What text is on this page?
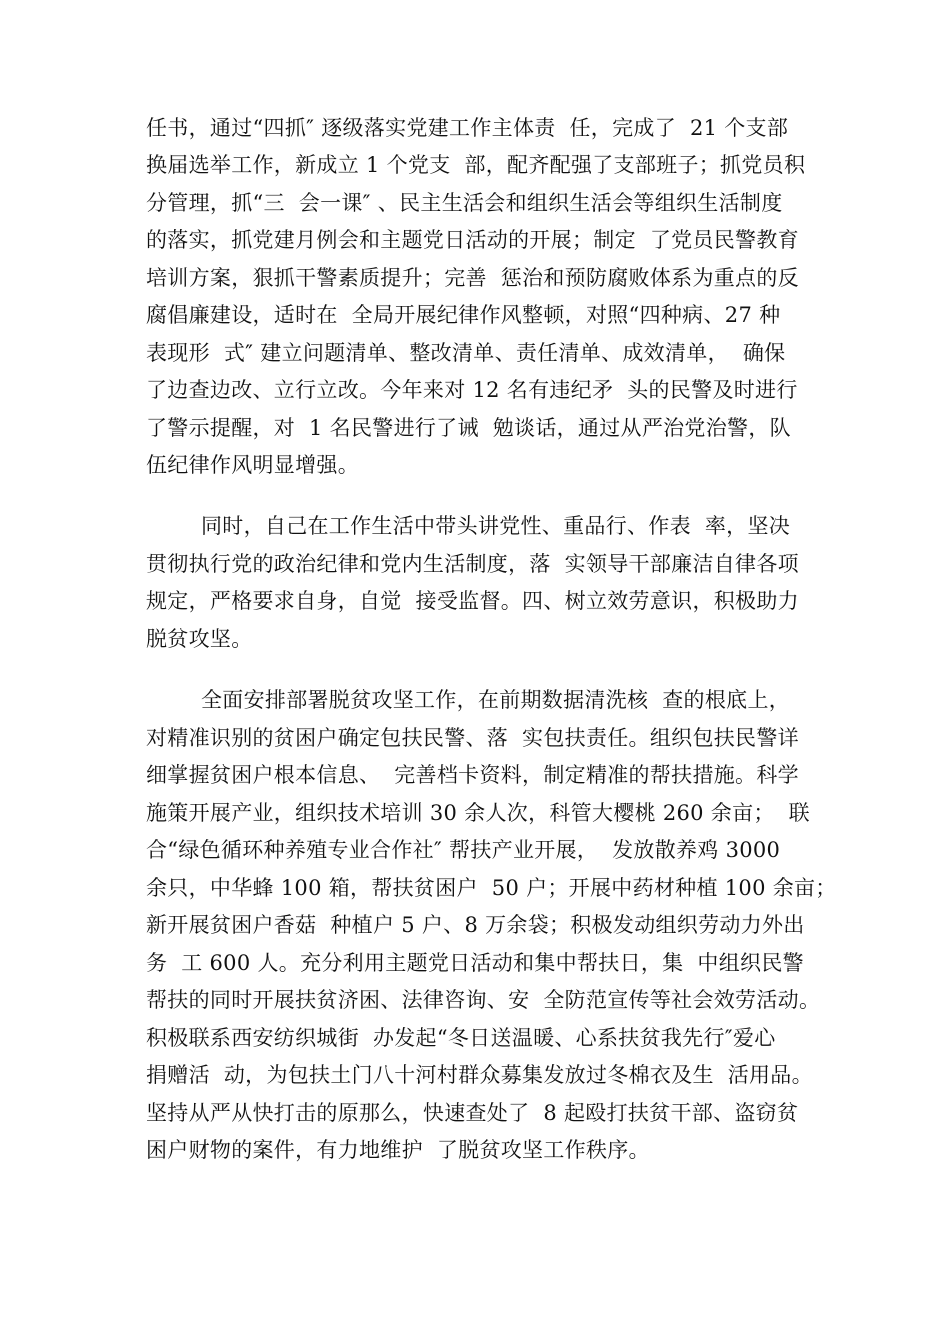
任书，通过“四抓″ 逐级落实党建工作主体责  任，完成了  21 个支部
换届选举工作，新成立 1 个党支  部，配齐配强了支部班子；抓党员积
分管理，抓“三  会一课″ 、民主生活会和组织生活会等组织生活制度
的落实，抓党建月例会和主题党日活动的开展；制定  了党员民警教育
培训方案，狠抓干警素质提升；完善  惩治和预防腐败体系为重点的反
腐倡廉建设，适时在  全局开展纪律作风整顿，对照“四种病、27 种
表现形  式″ 建立问题清单、整改清单、责任清单、成效清单，  确保
了边查边改、立行立改。今年来对 12 名有违纪矛  头的民警及时进行
了警示提醒，对  1 名民警进行了诫  勉谈话，通过从严治党治警，队
伍纪律作风明显增强。
同时，自己在工作生活中带头讲党性、重品行、作表  率，坚决
贯彻执行党的政治纪律和党内生活制度，落  实领导干部廉洁自律各项
规定，严格要求自身，自觉  接受监督。四、树立效劳意识，积极助力
脱贫攻坚。
全面安排部署脱贫攻坚工作，在前期数据清洗核  查的根底上，
对精准识别的贫困户确定包扶民警、落  实包扶责任。组织包扶民警详
细掌握贫困户根本信息、  完善档卡资料，制定精准的帮扶措施。科学
施策开展产业，组织技术培训 30 余人次，科管大樱桃 260 余亩；  联
合“绿色循环种养殖专业合作社″ 帮扶产业开展，  发放散养鸡 3000
余只，中华蜂 100 箱，帮扶贫困户  50 户；开展中药材种植 100 余亩；
新开展贫困户香菇  种植户 5 户、8 万余袋；积极发动组织劳动力外出
务  工 600 人。充分利用主题党日活动和集中帮扶日，集  中组织民警
帮扶的同时开展扶贫济困、法律咨询、安  全防范宣传等社会效劳活动。
积极联系西安纺织城街  办发起“冬日送温暖、心系扶贫我先行″爱心
捐赠活  动，为包扶土门八十河村群众募集发放过冬棉衣及生  活用品。
坚持从严从快打击的原那么，快速查处了  8 起殴打扶贫干部、盗窃贫
困户财物的案件，有力地维护  了脱贫攻坚工作秩序。
